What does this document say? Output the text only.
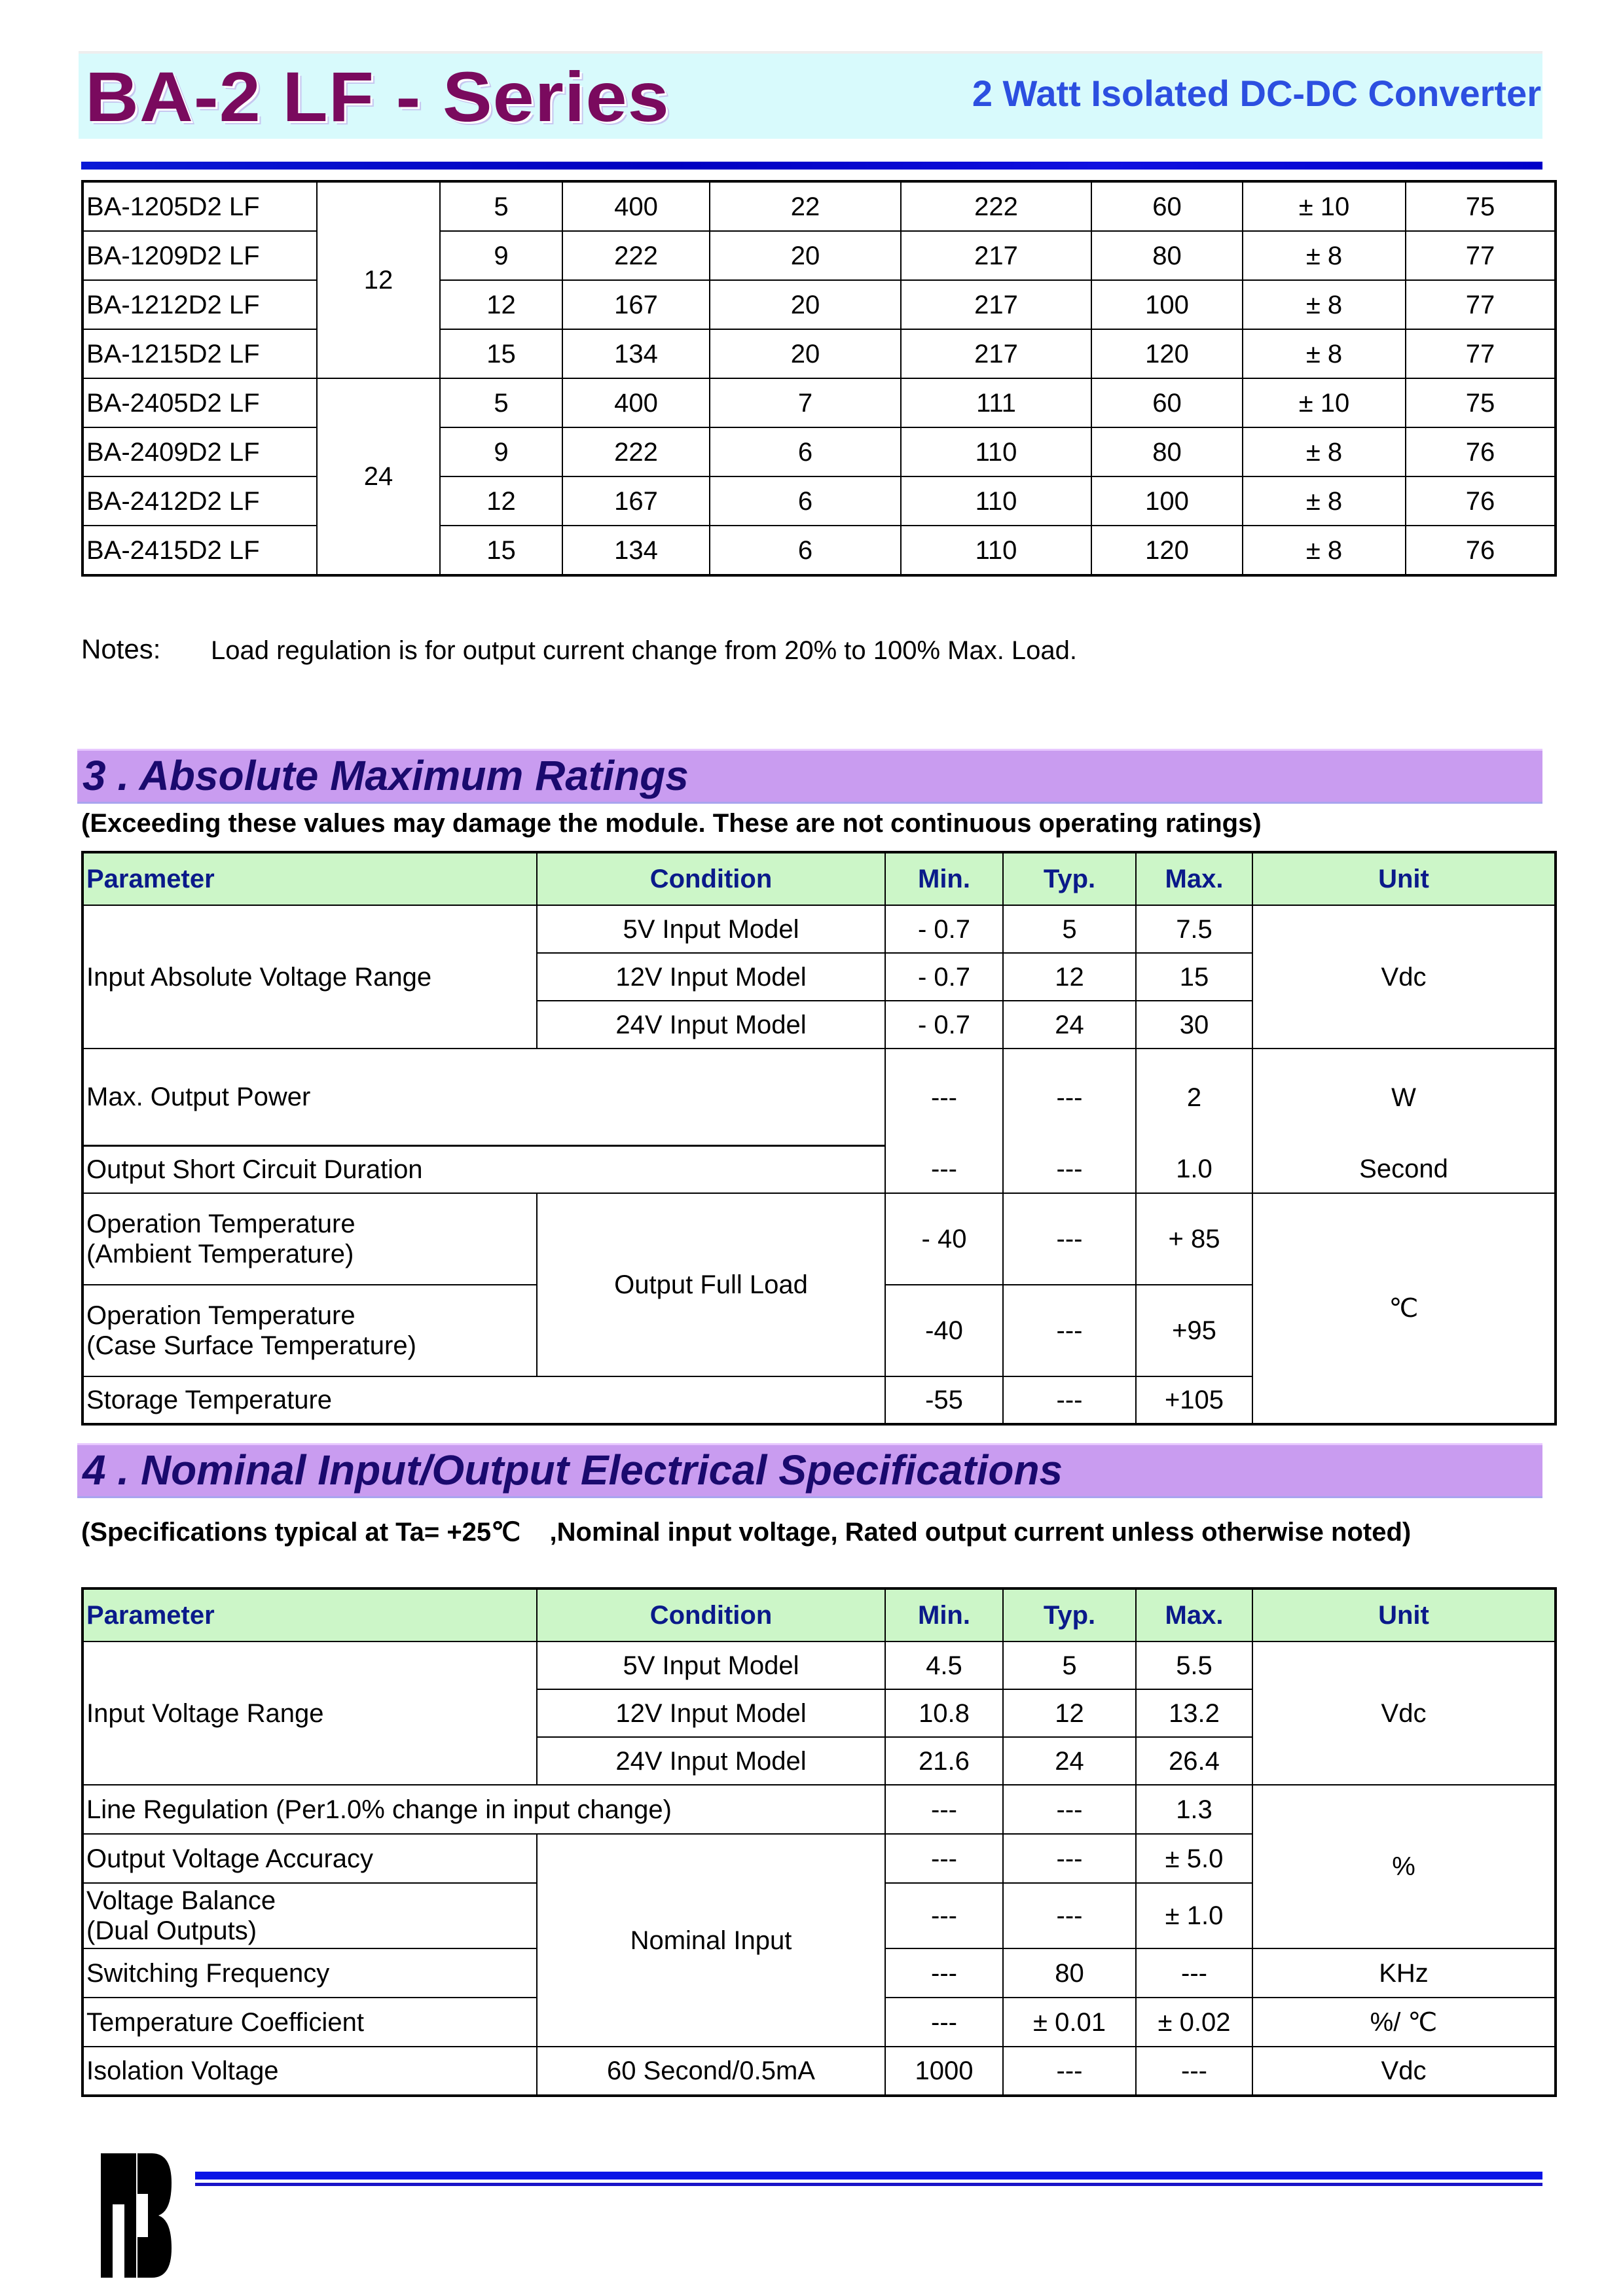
BA-2 LF - Series	2 Watt Isolated DC-DC Converter
BA-1205D2 LF	12	5	400	22	222	60	± 10	75
BA-1209D2 LF		9	222	20	217	80	± 8	77
BA-1212D2 LF		12	167	20	217	100	± 8	77
BA-1215D2 LF		15	134	20	217	120	± 8	77
BA-2405D2 LF	24	5	400	7	111	60	± 10	75
BA-2409D2 LF		9	222	6	110	80	± 8	76
BA-2412D2 LF		12	167	6	110	100	± 8	76
BA-2415D2 LF		15	134	6	110	120	± 8	76
Notes: Load regulation is for output current change from 20% to 100% Max. Load.
3 . Absolute Maximum Ratings
(Exceeding these values may damage the module. These are not continuous operating ratings)
Parameter	Condition	Min.	Typ.	Max.	Unit
Input Absolute Voltage Range	5V Input Model	- 0.7	5	7.5	Vdc
	12V Input Model	- 0.7	12	15	
	24V Input Model	- 0.7	24	30	
Max. Output Power		---	---	2	W
Output Short Circuit Duration		---	---	1.0	Second

Operation Temperature
(Ambient Temperature)	Output Full Load	- 40	---	+ 85	℃

Operation Temperature
(Case Surface Temperature)		-40	---	+95	
Storage Temperature		-55	---	+105	
4 . Nominal Input/Output Electrical Specifications
(Specifications typical at Ta= +25℃    ,Nominal input voltage, Rated output current unless otherwise noted)
Parameter	Condition	Min.	Typ.	Max.	Unit
Input Voltage Range	5V Input Model	4.5	5	5.5	Vdc
	12V Input Model	10.8	12	13.2	
	24V Input Model	21.6	24	26.4	
Line Regulation (Per1.0% change in input change)		---	---	1.3	%
Output Voltage Accuracy	Nominal Input	---	---	± 5.0	

Voltage Balance
(Dual Outputs)		---	---	± 1.0	
Switching Frequency		---	80	---	KHz
Temperature Coefficient		---	± 0.01	± 0.02	%/ ℃
Isolation Voltage	60 Second/0.5mA	1000	---	---	Vdc
